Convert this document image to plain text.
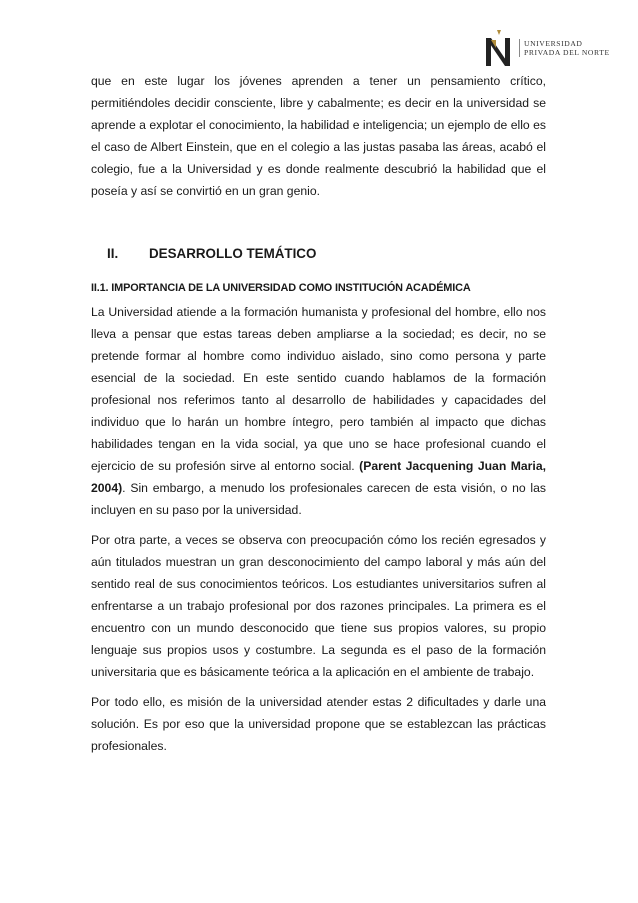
UNIVERSIDAD
PRIVADA DEL NORTE

que en este lugar los jóvenes aprenden a tener un pensamiento crítico, permitiéndoles decidir consciente, libre y cabalmente; es decir en la universidad se aprende a explotar el conocimiento, la habilidad e inteligencia; un ejemplo de ello es el caso de Albert Einstein, que en el colegio a las justas pasaba las áreas, acabó el colegio, fue a la Universidad y es donde realmente descubrió la habilidad que el poseía y así se convirtió en un gran genio.

II.	DESARROLLO TEMÁTICO
II.1. IMPORTANCIA DE LA UNIVERSIDAD COMO INSTITUCIÓN ACADÉMICA

La Universidad atiende a la formación humanista y profesional del hombre, ello nos lleva a pensar que estas tareas deben ampliarse a la sociedad; es decir, no se pretende formar al hombre como individuo aislado, sino como persona y parte esencial de la sociedad. En este sentido cuando hablamos de la formación profesional nos referimos tanto al desarrollo de habilidades y capacidades del individuo que lo harán un hombre íntegro, pero también al impacto que dichas habilidades tengan en la vida social, ya que uno se hace profesional cuando el ejercicio de su profesión sirve al entorno social. (Parent Jacquening Juan Maria, 2004). Sin embargo, a menudo los profesionales carecen de esta visión, o no las incluyen en su paso por la universidad.

Por otra parte, a veces se observa con preocupación cómo los recién egresados y aún titulados muestran un gran desconocimiento del campo laboral y más aún del sentido real de sus conocimientos teóricos. Los estudiantes universitarios sufren al enfrentarse a un trabajo profesional por dos razones principales. La primera es el encuentro con un mundo desconocido que tiene sus propios valores, su propio lenguaje sus propios usos y costumbre. La segunda es el paso de la formación universitaria que es básicamente teórica a la aplicación en el ambiente de trabajo.

Por todo ello, es misión de la universidad atender estas 2 dificultades y darle una solución. Es por eso que la universidad propone que se establezcan las prácticas profesionales.
